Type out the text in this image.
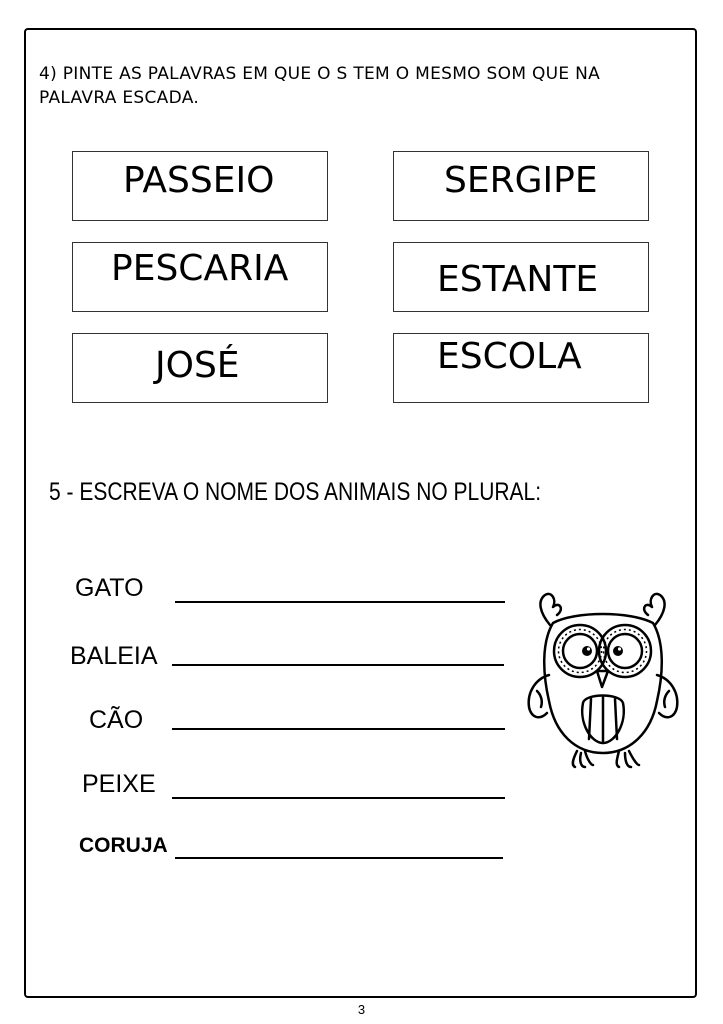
4) PINTE AS PALAVRAS EM QUE O S TEM O MESMO SOM QUE NA PALAVRA ESCADA.
PASSEIO	SERGIPE
PESCARIA	ESTANTE
JOSÉ	ESCOLA
5 - ESCREVA O NOME DOS ANIMAIS NO PLURAL:
GATO
BALEIA
CÃO
PEIXE
CORUJA
3
